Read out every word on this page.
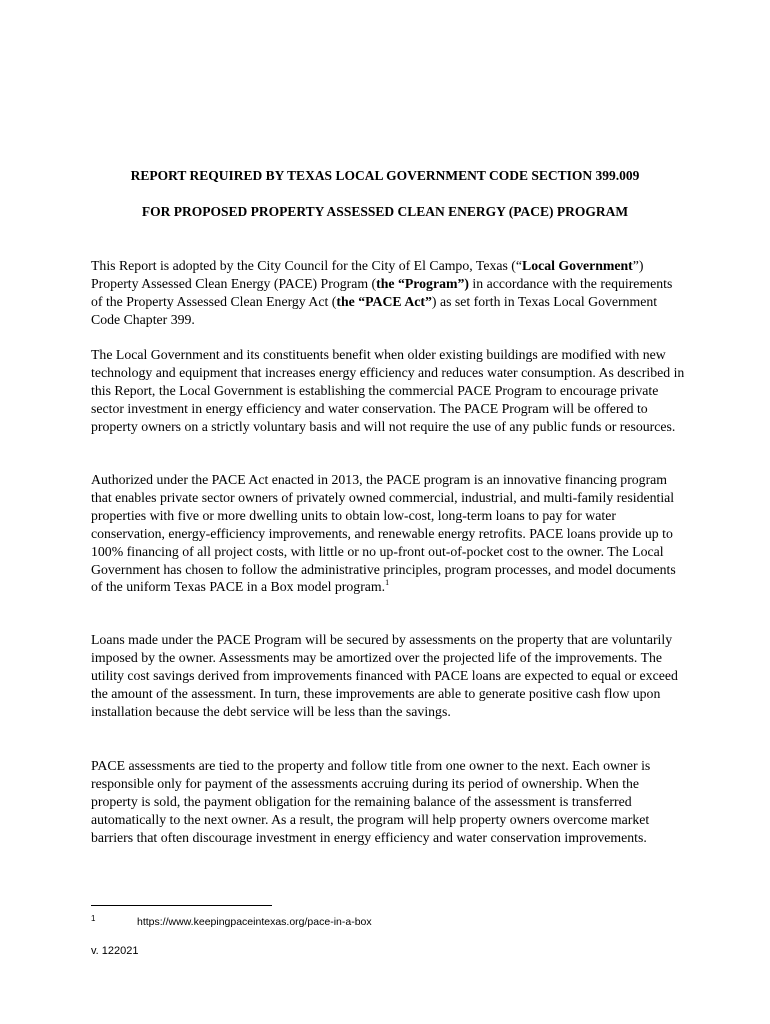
REPORT REQUIRED BY TEXAS LOCAL GOVERNMENT CODE SECTION 399.009

FOR PROPOSED PROPERTY ASSESSED CLEAN ENERGY (PACE) PROGRAM

This Report is adopted by the City Council for the City of El Campo, Texas (“Local Government”) Property Assessed Clean Energy (PACE) Program (the “Program”) in accordance with the requirements of the Property Assessed Clean Energy Act (the “PACE Act”) as set forth in Texas Local Government Code Chapter 399.

The Local Government and its constituents benefit when older existing buildings are modified with new technology and equipment that increases energy efficiency and reduces water consumption. As described in this Report, the Local Government is establishing the commercial PACE Program to encourage private sector investment in energy efficiency and water conservation. The PACE Program will be offered to property owners on a strictly voluntary basis and will not require the use of any public funds or resources.

Authorized under the PACE Act enacted in 2013, the PACE program is an innovative financing program that enables private sector owners of privately owned commercial, industrial, and multi-family residential properties with five or more dwelling units to obtain low-cost, long-term loans to pay for water conservation, energy-efficiency improvements, and renewable energy retrofits. PACE loans provide up to 100% financing of all project costs, with little or no up-front out-of-pocket cost to the owner. The Local Government has chosen to follow the administrative principles, program processes, and model documents of the uniform Texas PACE in a Box model program.$^1$

Loans made under the PACE Program will be secured by assessments on the property that are voluntarily imposed by the owner. Assessments may be amortized over the projected life of the improvements. The utility cost savings derived from improvements financed with PACE loans are expected to equal or exceed the amount of the assessment. In turn, these improvements are able to generate positive cash flow upon installation because the debt service will be less than the savings.

PACE assessments are tied to the property and follow title from one owner to the next. Each owner is responsible only for payment of the assessments accruing during its period of ownership. When the property is sold, the payment obligation for the remaining balance of the assessment is transferred automatically to the next owner. As a result, the program will help property owners overcome market barriers that often discourage investment in energy efficiency and water conservation improvements.

1	https://www.keepingpaceintexas.org/pace-in-a-box
v. 122021
